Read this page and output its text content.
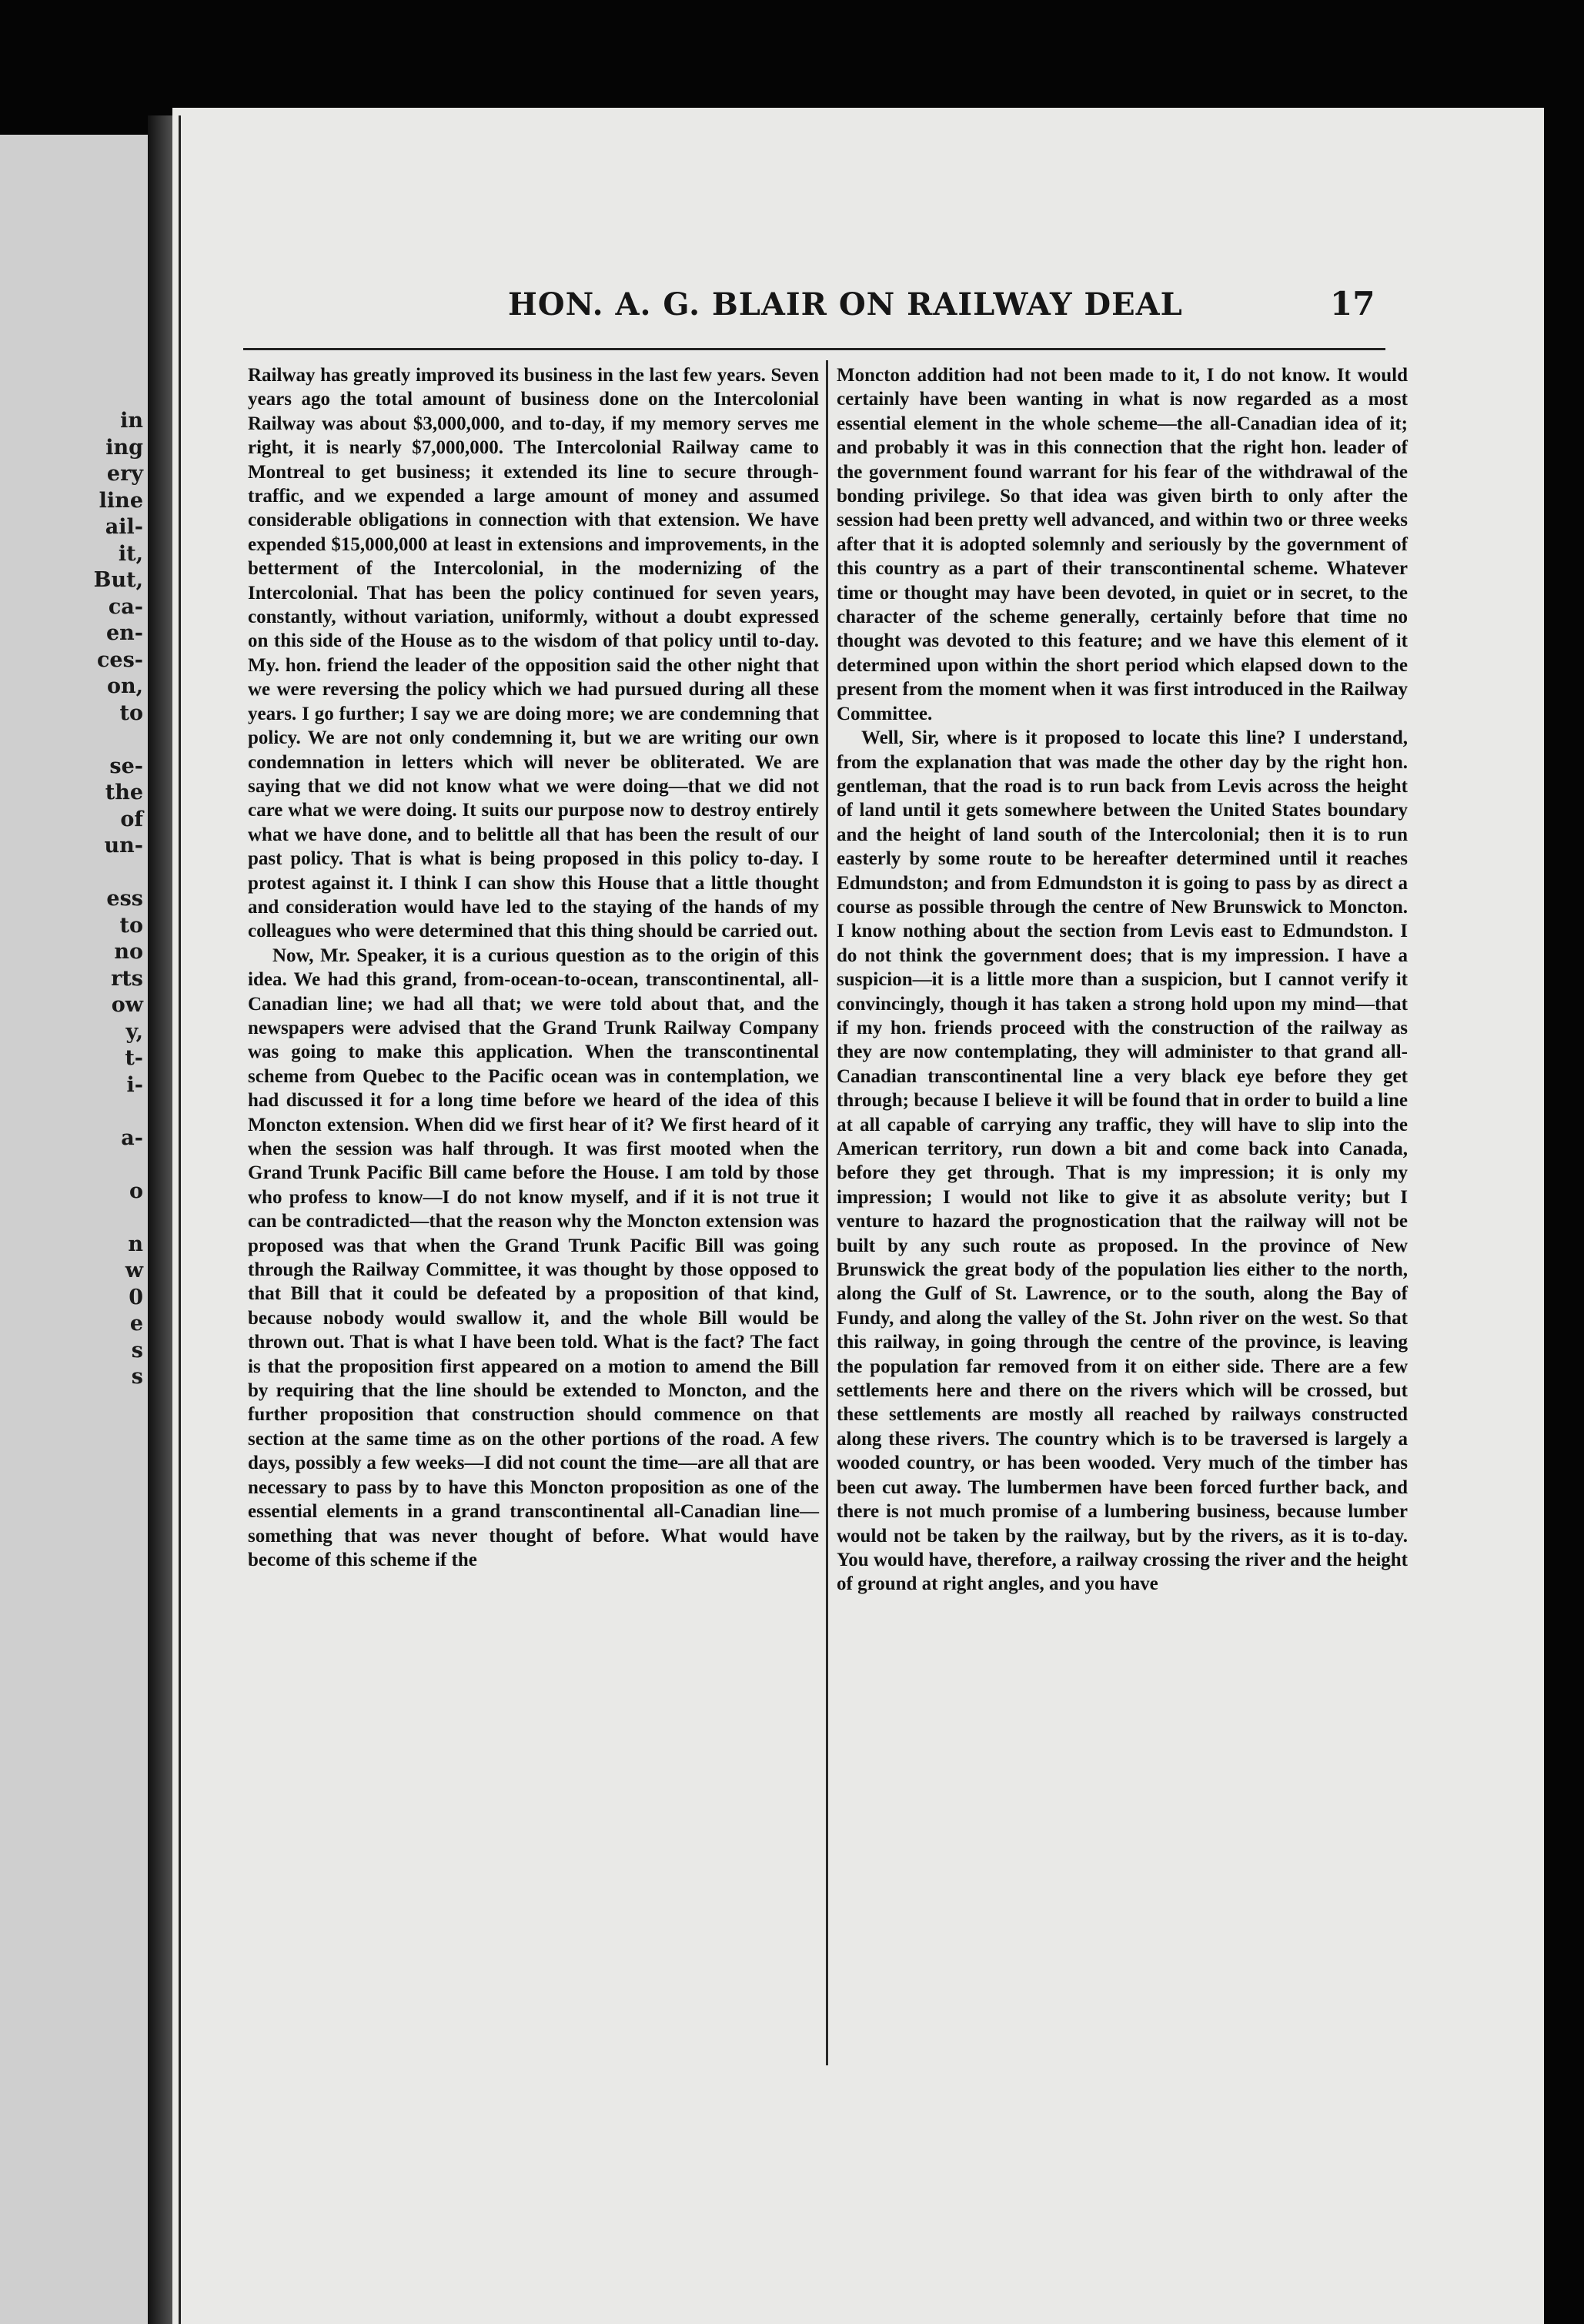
in
ing
ery
line
ail-
it,
But,
ca-
en-
ces-
on,
to
se-
the
of
un-
ess
to
no
rts
ow
y,
t-
i-
a-
o
n
w
0
e
s
s
HON. A. G. BLAIR ON RAILWAY DEAL	17

Railway has greatly improved its business in the last few years. Seven years ago the total amount of business done on the Intercolonial Railway was about $3,000,000, and to-day, if my memory serves me right, it is nearly $7,000,000. The Intercolonial Railway came to Montreal to get business; it extended its line to secure through-traffic, and we expended a large amount of money and assumed considerable obligations in connection with that extension. We have expended $15,000,000 at least in extensions and improvements, in the betterment of the Intercolonial, in the modernizing of the Intercolonial. That has been the policy continued for seven years, constantly, without variation, uniformly, without a doubt expressed on this side of the House as to the wisdom of that policy until to-day. My. hon. friend the leader of the opposition said the other night that we were reversing the policy which we had pursued during all these years. I go further; I say we are doing more; we are condemning that policy. We are not only condemning it, but we are writing our own condemnation in letters which will never be obliterated. We are saying that we did not know what we were doing—that we did not care what we were doing. It suits our purpose now to destroy entirely what we have done, and to belittle all that has been the result of our past policy. That is what is being proposed in this policy to-day. I protest against it. I think I can show this House that a little thought and consideration would have led to the staying of the hands of my colleagues who were determined that this thing should be carried out.

Now, Mr. Speaker, it is a curious question as to the origin of this idea. We had this grand, from-ocean-to-ocean, transcontinental, all-Canadian line; we had all that; we were told about that, and the newspapers were advised that the Grand Trunk Railway Company was going to make this application. When the transcontinental scheme from Quebec to the Pacific ocean was in contemplation, we had discussed it for a long time before we heard of the idea of this Moncton extension. When did we first hear of it? We first heard of it when the session was half through. It was first mooted when the Grand Trunk Pacific Bill came before the House. I am told by those who profess to know—I do not know myself, and if it is not true it can be contradicted—that the reason why the Moncton extension was proposed was that when the Grand Trunk Pacific Bill was going through the Railway Committee, it was thought by those opposed to that Bill that it could be defeated by a proposition of that kind, because nobody would swallow it, and the whole Bill would be thrown out. That is what I have been told. What is the fact? The fact is that the proposition first appeared on a motion to amend the Bill by requiring that the line should be extended to Moncton, and the further proposition that construction should commence on that section at the same time as on the other portions of the road. A few days, possibly a few weeks—I did not count the time—are all that are necessary to pass by to have this Moncton proposition as one of the essential elements in a grand transcontinental all-Canadian line—something that was never thought of before. What would have become of this scheme if the

Moncton addition had not been made to it, I do not know. It would certainly have been wanting in what is now regarded as a most essential element in the whole scheme—the all-Canadian idea of it; and probably it was in this connection that the right hon. leader of the government found warrant for his fear of the withdrawal of the bonding privilege. So that idea was given birth to only after the session had been pretty well advanced, and within two or three weeks after that it is adopted solemnly and seriously by the government of this country as a part of their transcontinental scheme. Whatever time or thought may have been devoted, in quiet or in secret, to the character of the scheme generally, certainly before that time no thought was devoted to this feature; and we have this element of it determined upon within the short period which elapsed down to the present from the moment when it was first introduced in the Railway Committee.

Well, Sir, where is it proposed to locate this line? I understand, from the explanation that was made the other day by the right hon. gentleman, that the road is to run back from Levis across the height of land until it gets somewhere between the United States boundary and the height of land south of the Intercolonial; then it is to run easterly by some route to be hereafter determined until it reaches Edmundston; and from Edmundston it is going to pass by as direct a course as possible through the centre of New Brunswick to Moncton. I know nothing about the section from Levis east to Edmundston. I do not think the government does; that is my impression. I have a suspicion—it is a little more than a suspicion, but I cannot verify it convincingly, though it has taken a strong hold upon my mind—that if my hon. friends proceed with the construction of the railway as they are now contemplating, they will administer to that grand all-Canadian transcontinental line a very black eye before they get through; because I believe it will be found that in order to build a line at all capable of carrying any traffic, they will have to slip into the American territory, run down a bit and come back into Canada, before they get through. That is my impression; it is only my impression; I would not like to give it as absolute verity; but I venture to hazard the prognostication that the railway will not be built by any such route as proposed. In the province of New Brunswick the great body of the population lies either to the north, along the Gulf of St. Lawrence, or to the south, along the Bay of Fundy, and along the valley of the St. John river on the west. So that this railway, in going through the centre of the province, is leaving the population far removed from it on either side. There are a few settlements here and there on the rivers which will be crossed, but these settlements are mostly all reached by railways constructed along these rivers. The country which is to be traversed is largely a wooded country, or has been wooded. Very much of the timber has been cut away. The lumbermen have been forced further back, and there is not much promise of a lumbering business, because lumber would not be taken by the railway, but by the rivers, as it is to-day. You would have, therefore, a railway crossing the river and the height of ground at right angles, and you have
